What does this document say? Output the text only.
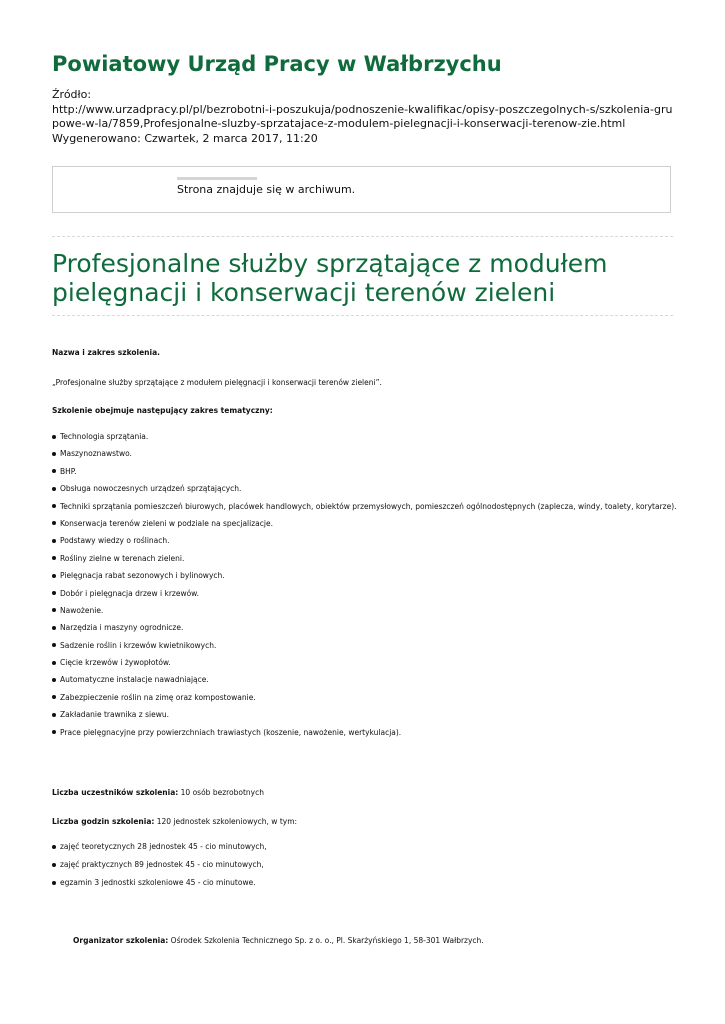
Powiatowy Urząd Pracy w Wałbrzychu
Źródło:
http://www.urzadpracy.pl/pl/bezrobotni-i-poszukuja/podnoszenie-kwalifikac/opisy-poszczegolnych-s/szkolenia-grupowe-w-la/7859,Profesjonalne-sluzby-sprzatajace-z-modulem-pielegnacji-i-konserwacji-terenow-zie.html
Wygenerowano: Czwartek, 2 marca 2017, 11:20
Strona znajduje się w archiwum.
Profesjonalne służby sprzątające z modułem pielęgnacji i konserwacji terenów zieleni
Nazwa i zakres szkolenia.
„Profesjonalne służby sprzątające z modułem pielęgnacji i konserwacji terenów zieleni”.
Szkolenie obejmuje następujący zakres tematyczny:
Technologia sprzątania.
Maszynoznawstwo.
BHP.
Obsługa nowoczesnych urządzeń sprzątających.
Techniki sprzątania pomieszczeń biurowych, placówek handlowych, obiektów przemysłowych, pomieszczeń ogólnodostępnych (zaplecza, windy, toalety, korytarze).
Konserwacja terenów zieleni w podziale na specjalizacje.
Podstawy wiedzy o roślinach.
Rośliny zielne w terenach zieleni.
Pielęgnacja rabat sezonowych i bylinowych.
Dobór i pielęgnacja drzew i krzewów.
Nawożenie.
Narzędzia i maszyny ogrodnicze.
Sadzenie roślin i krzewów kwietnikowych.
Cięcie krzewów i żywopłotów.
Automatyczne instalacje nawadniające.
Zabezpieczenie roślin na zimę oraz kompostowanie.
Zakładanie trawnika z siewu.
Prace pielęgnacyjne przy powierzchniach trawiastych (koszenie, nawożenie, wertykulacja).
Liczba uczestników szkolenia: 10 osób bezrobotnych
Liczba godzin szkolenia: 120 jednostek szkoleniowych, w tym:
zajęć teoretycznych 28 jednostek 45 - cio minutowych,
zajęć praktycznych 89 jednostek 45 - cio minutowych,
egzamin 3 jednostki szkoleniowe 45 - cio minutowe.
Organizator szkolenia: Ośrodek Szkolenia Technicznego Sp. z o. o., Pl. Skarżyńskiego 1, 58-301 Wałbrzych.
